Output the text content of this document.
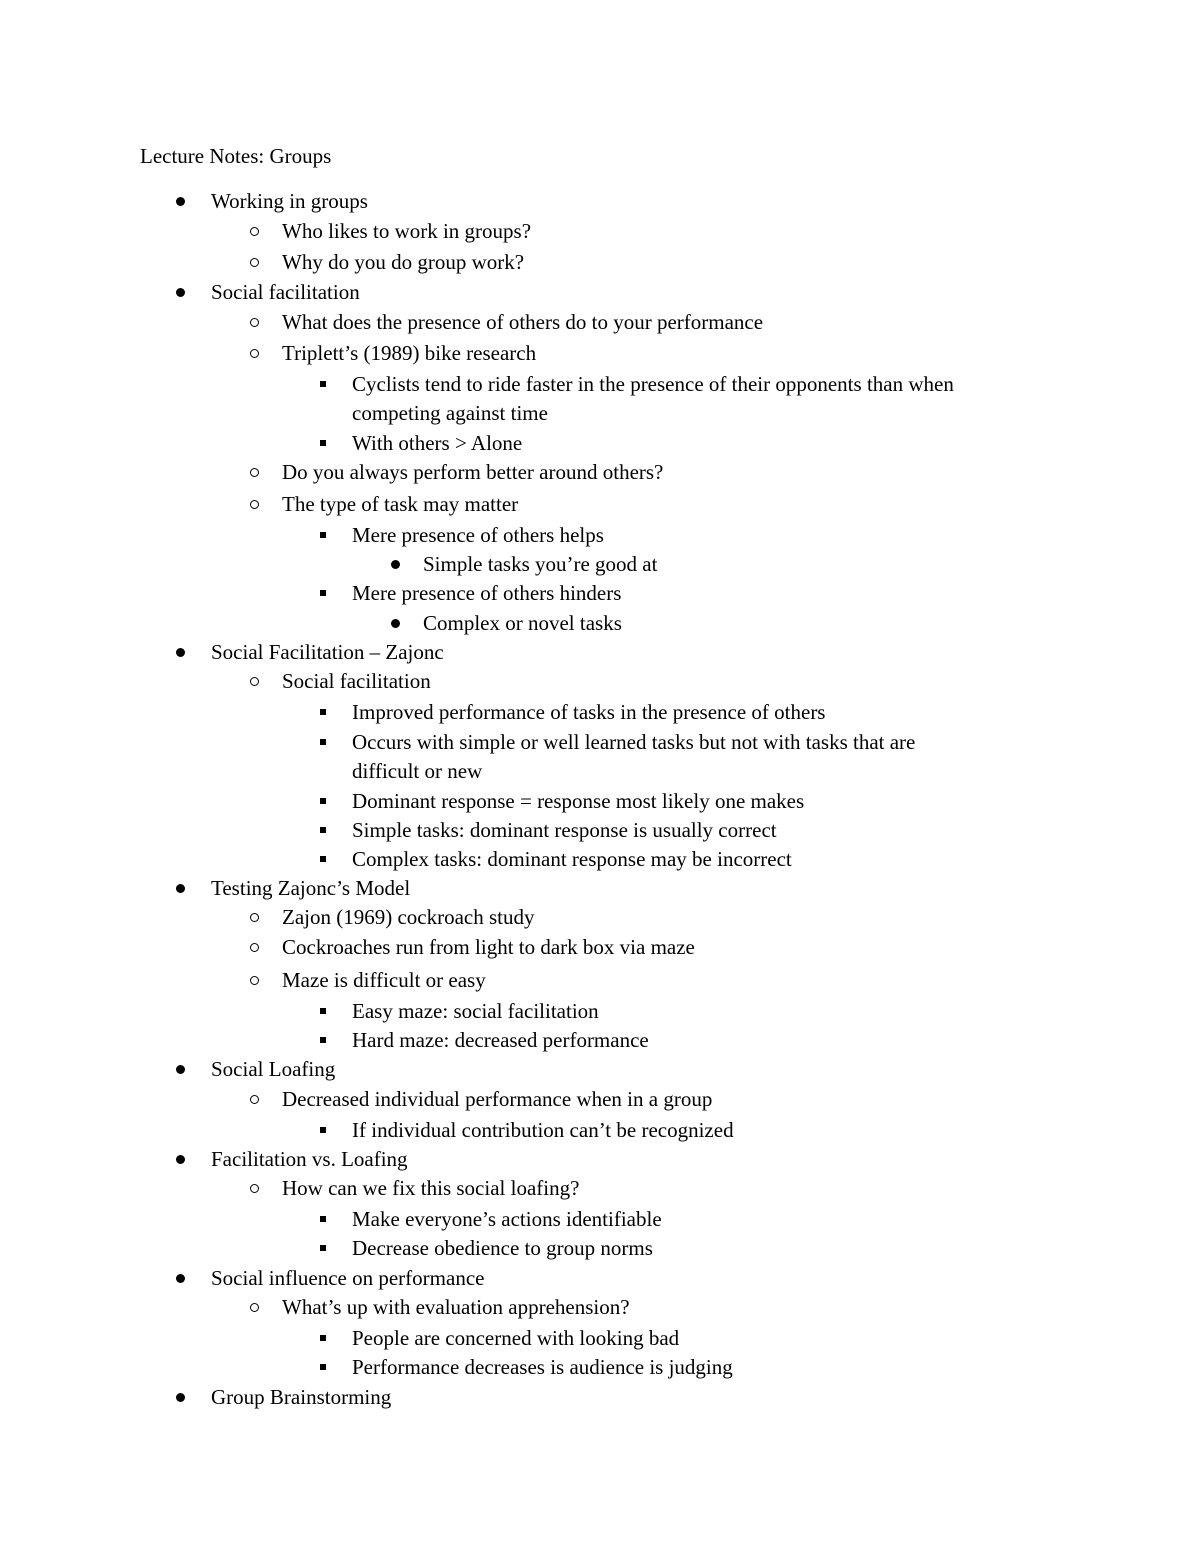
Lecture Notes: Groups
Working in groups
Who likes to work in groups?
Why do you do group work?
Social facilitation
What does the presence of others do to your performance
Triplett’s (1989) bike research
Cyclists tend to ride faster in the presence of their opponents than when
competing against time
With others > Alone
Do you always perform better around others?
The type of task may matter
Mere presence of others helps
Simple tasks you’re good at
Mere presence of others hinders
Complex or novel tasks
Social Facilitation – Zajonc
Social facilitation
Improved performance of tasks in the presence of others
Occurs with simple or well learned tasks but not with tasks that are
difficult or new
Dominant response = response most likely one makes
Simple tasks: dominant response is usually correct
Complex tasks: dominant response may be incorrect
Testing Zajonc’s Model
Zajon (1969) cockroach study
Cockroaches run from light to dark box via maze
Maze is difficult or easy
Easy maze: social facilitation
Hard maze: decreased performance
Social Loafing
Decreased individual performance when in a group
If individual contribution can’t be recognized
Facilitation vs. Loafing
How can we fix this social loafing?
Make everyone’s actions identifiable
Decrease obedience to group norms
Social influence on performance
What’s up with evaluation apprehension?
People are concerned with looking bad
Performance decreases is audience is judging
Group Brainstorming
